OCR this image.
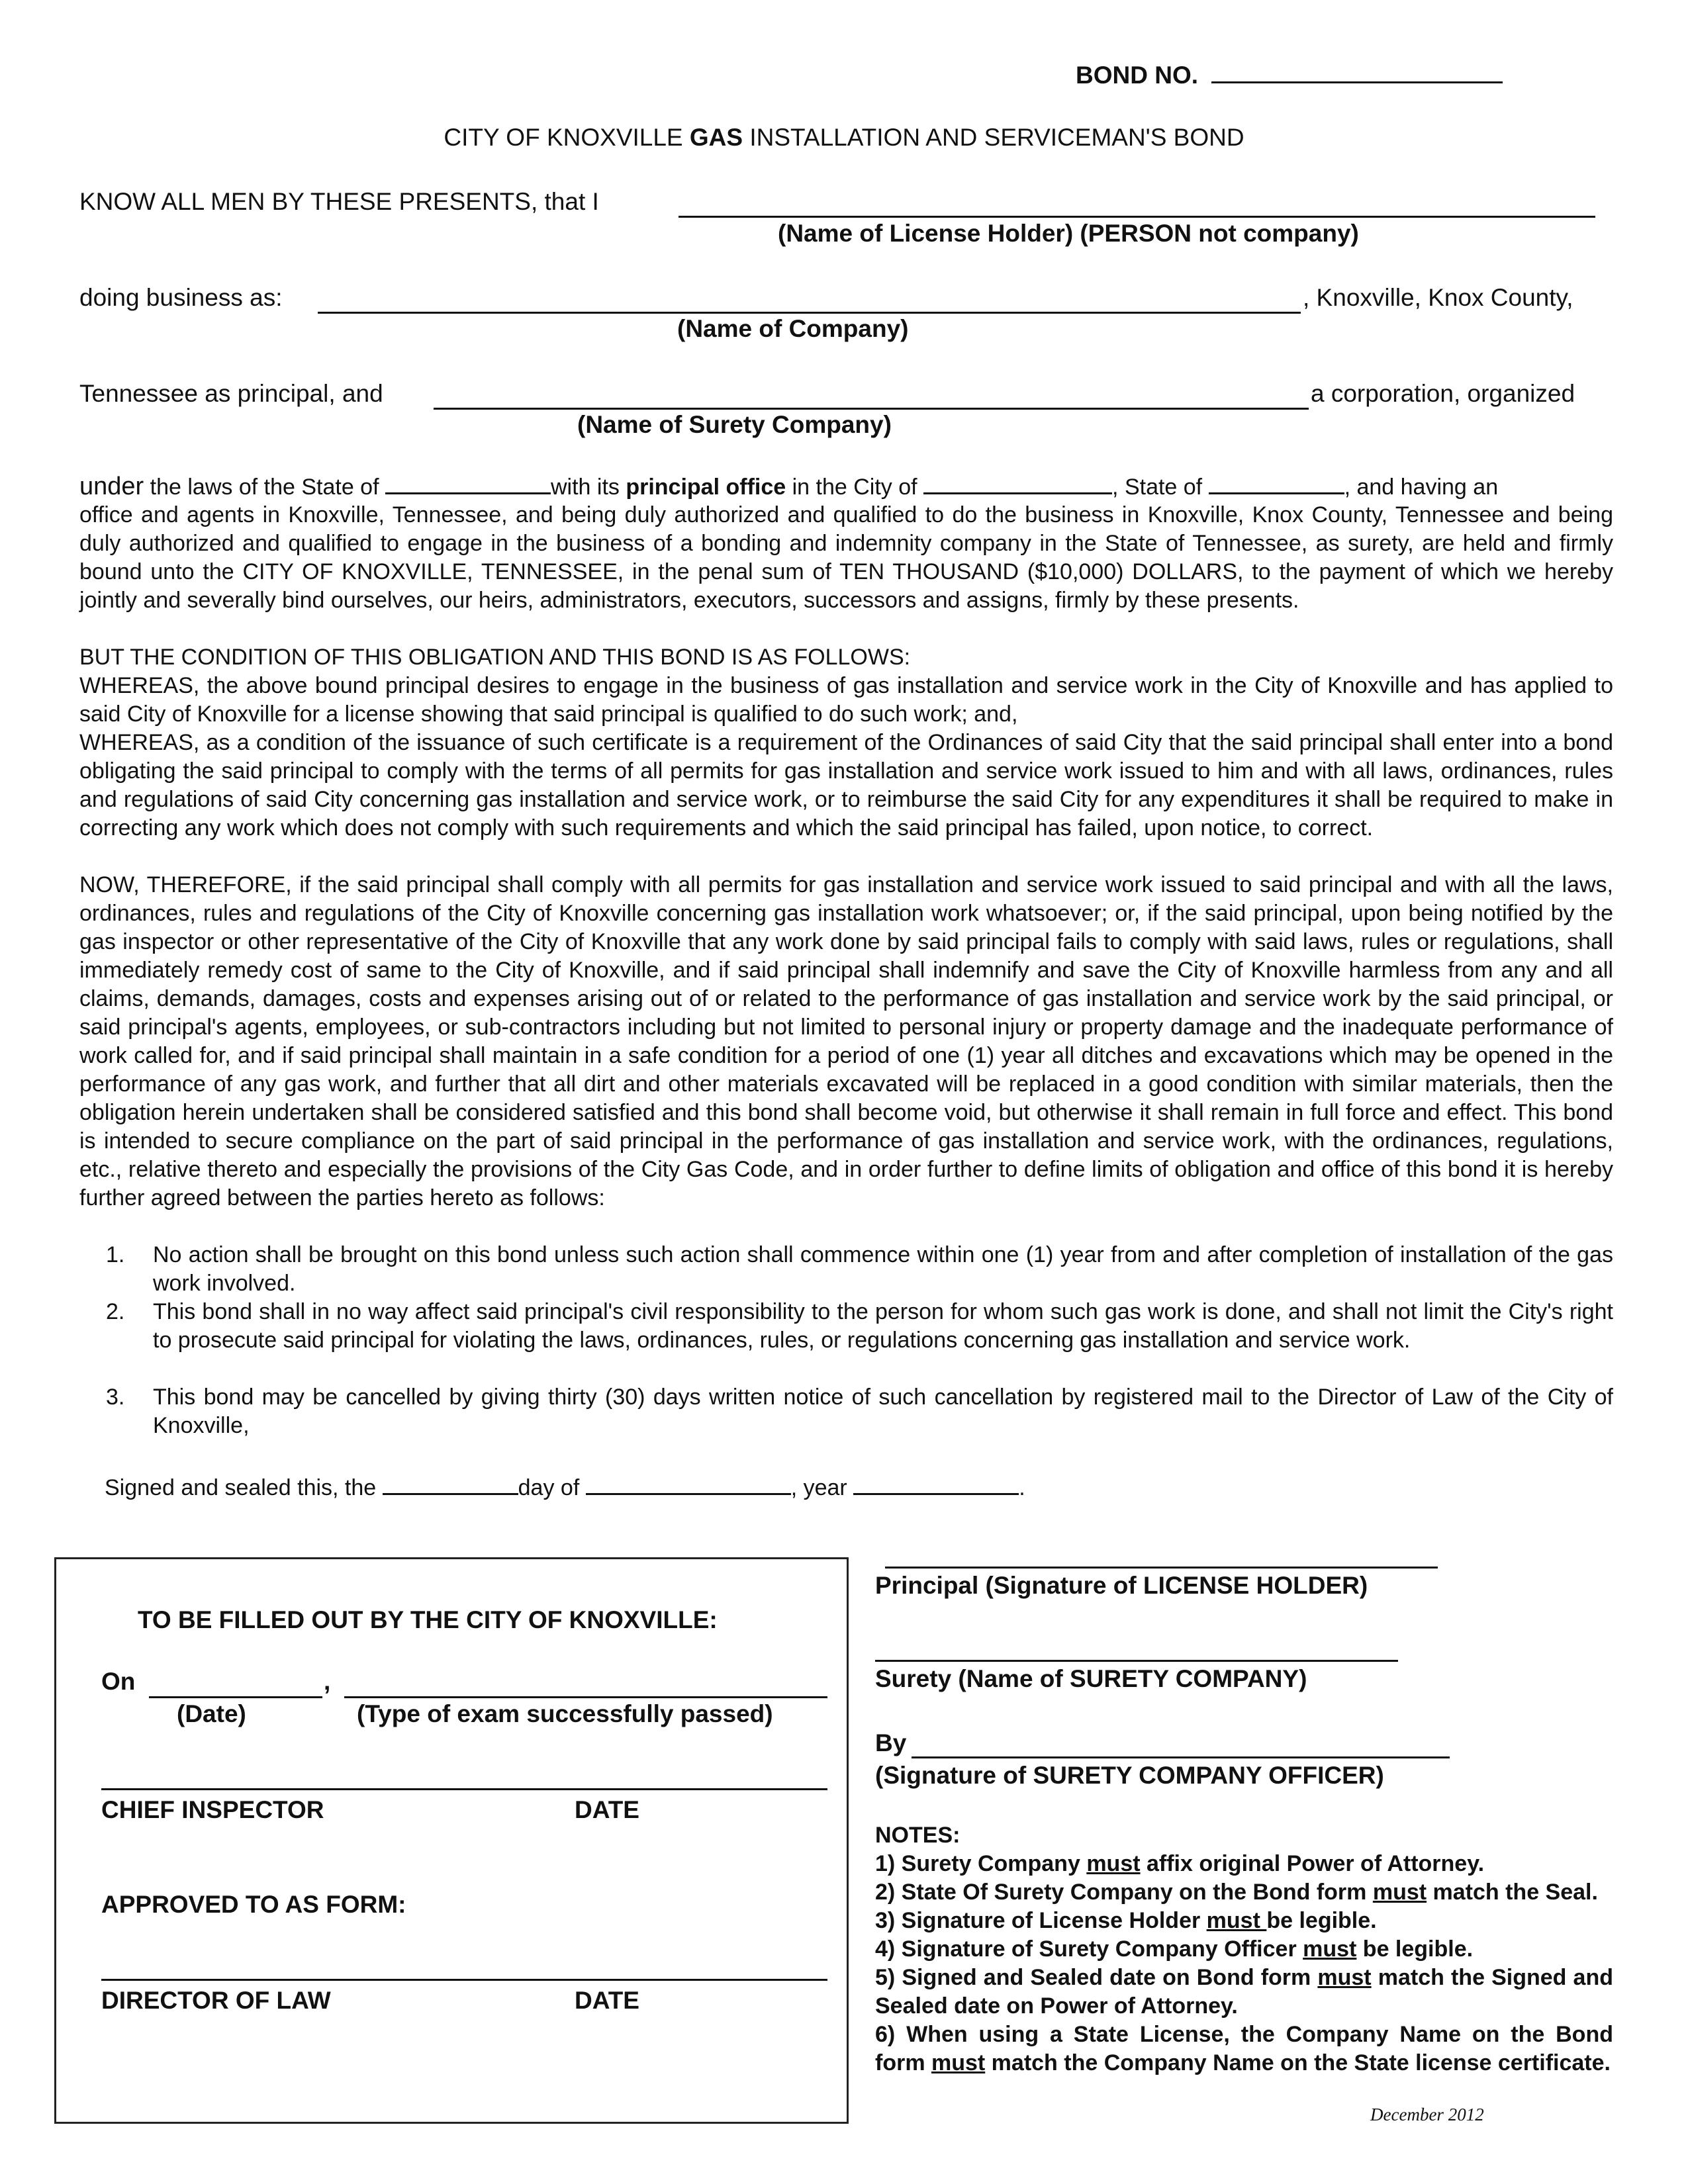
BOND NO.
CITY OF KNOXVILLE GAS INSTALLATION AND SERVICEMAN'S BOND
KNOW ALL MEN BY THESE PRESENTS, that I
(Name of License Holder) (PERSON not company)
doing business as:	, Knoxville, Knox County,
(Name of Company)
Tennessee as principal, and	a corporation, organized
(Name of Surety Company)
under the laws of the State of	with its principal office in the City of	, State of	, and having an
office and agents in Knoxville, Tennessee, and being duly authorized and qualified to do the business in Knoxville, Knox County, Tennessee and being duly authorized and qualified to engage in the business of a bonding and indemnity company in the State of Tennessee, as surety, are held and firmly bound unto the CITY OF KNOXVILLE, TENNESSEE, in the penal sum of TEN THOUSAND ($10,000) DOLLARS, to the payment of which we hereby jointly and severally bind ourselves, our heirs, administrators, executors, successors and assigns, firmly by these presents.
BUT THE CONDITION OF THIS OBLIGATION AND THIS BOND IS AS FOLLOWS:
WHEREAS, the above bound principal desires to engage in the business of gas installation and service work in the City of Knoxville and has applied to said City of Knoxville for a license showing that said principal is qualified to do such work; and,
WHEREAS, as a condition of the issuance of such certificate is a requirement of the Ordinances of said City that the said principal shall enter into a bond obligating the said principal to comply with the terms of all permits for gas installation and service work issued to him and with all laws, ordinances, rules and regulations of said City concerning gas installation and service work, or to reimburse the said City for any expenditures it shall be required to make in correcting any work which does not comply with such requirements and which the said principal has failed, upon notice, to correct.
NOW, THEREFORE, if the said principal shall comply with all permits for gas installation and service work issued to said principal and with all the laws, ordinances, rules and regulations of the City of Knoxville concerning gas installation work whatsoever; or, if the said principal, upon being notified by the gas inspector or other representative of the City of Knoxville that any work done by said principal fails to comply with said laws, rules or regulations, shall immediately remedy cost of same to the City of Knoxville, and if said principal shall indemnify and save the City of Knoxville harmless from any and all claims, demands, damages, costs and expenses arising out of or related to the performance of gas installation and service work by the said principal, or said principal's agents, employees, or sub-contractors including but not limited to personal injury or property damage and the inadequate performance of work called for, and if said principal shall maintain in a safe condition for a period of one (1) year all ditches and excavations which may be opened in the performance of any gas work, and further that all dirt and other materials excavated will be replaced in a good condition with similar materials, then the obligation herein undertaken shall be considered satisfied and this bond shall become void, but otherwise it shall remain in full force and effect. This bond is intended to secure compliance on the part of said principal in the performance of gas installation and service work, with the ordinances, regulations, etc., relative thereto and especially the provisions of the City Gas Code, and in order further to define limits of obligation and office of this bond it is hereby further agreed between the parties hereto as follows:
1. No action shall be brought on this bond unless such action shall commence within one (1) year from and after completion of installation of the gas work involved.
2. This bond shall in no way affect said principal's civil responsibility to the person for whom such gas work is done, and shall not limit the City's right to prosecute said principal for violating the laws, ordinances, rules, or regulations concerning gas installation and service work.
3. This bond may be cancelled by giving thirty (30) days written notice of such cancellation by registered mail to the Director of Law of the City of Knoxville,
Signed and sealed this, the	day of	, year	.
TO BE FILLED OUT BY THE CITY OF KNOXVILLE:
On	,
(Date)	(Type of exam successfully passed)
CHIEF INSPECTOR	DATE
APPROVED TO AS FORM:
DIRECTOR OF LAW	DATE
Principal (Signature of LICENSE HOLDER)
Surety (Name of SURETY COMPANY)
By
(Signature of SURETY COMPANY OFFICER)
NOTES:
1) Surety Company must affix original Power of Attorney.
2) State Of Surety Company on the Bond form must match the Seal.
3) Signature of License Holder must be legible.
4) Signature of Surety Company Officer must be legible.
5) Signed and Sealed date on Bond form must match the Signed and Sealed date on Power of Attorney.
6) When using a State License, the Company Name on the Bond form must match the Company Name on the State license certificate.
December 2012
